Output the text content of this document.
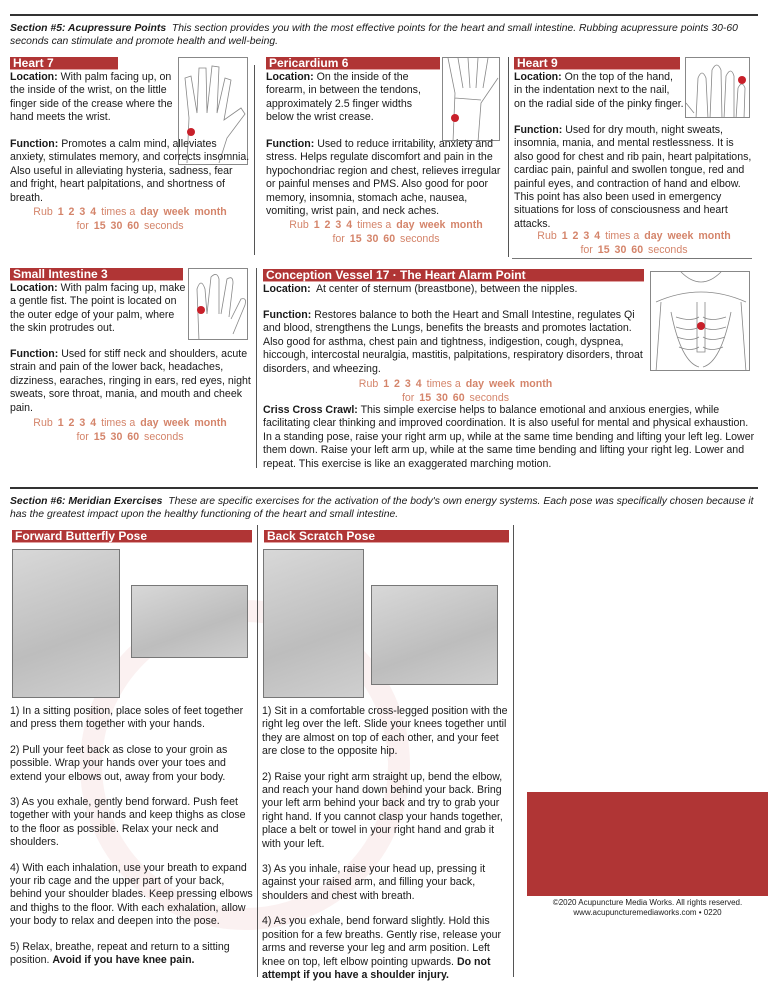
Section #5: Acupressure Points This section provides you with the most effective points for the heart and small intestine. Rubbing acupressure points 30-60 seconds can stimulate and promote health and well-being.
Heart 7
Location: With palm facing up, on the inside of the wrist, on the little finger side of the crease where the hand meets the wrist.
Function: Promotes a calm mind, alleviates anxiety, stimulates memory, and corrects insomnia. Also useful in alleviating hysteria, sadness, fear and fright, heart palpitations, and shortness of breath.
Rub 1 2 3 4 times a day week month
for 15 30 60 seconds
Pericardium 6
Location: On the inside of the forearm, in between the tendons, approximately 2.5 finger widths below the wrist crease.
Function: Used to reduce irritability, anxiety and stress. Helps regulate discomfort and pain in the hypochondriac region and chest, relieves irregular or painful menses and PMS. Also good for poor memory, insomnia, stomach ache, nausea, vomiting, wrist pain, and neck aches.
Rub 1 2 3 4 times a day week month
for 15 30 60 seconds
Heart 9
Location: On the top of the hand, in the indentation next to the nail, on the radial side of the pinky finger.
Function: Used for dry mouth, night sweats, insomnia, mania, and mental restlessness. It is also good for chest and rib pain, heart palpitations, cardiac pain, painful and swollen tongue, red and painful eyes, and contraction of hand and elbow. This point has also been used in emergency situations for loss of consciousness and heart attacks.
Rub 1 2 3 4 times a day week month
for 15 30 60 seconds
Small Intestine 3
Location: With palm facing up, make a gentle fist. The point is located on the outer edge of your palm, where the skin protrudes out.
Function: Used for stiff neck and shoulders, acute strain and pain of the lower back, headaches, dizziness, earaches, ringing in ears, red eyes, night sweats, sore throat, mania, and mouth and cheek pain.
Rub 1 2 3 4 times a day week month
for 15 30 60 seconds
Conception Vessel 17 · The Heart Alarm Point
Location: At center of sternum (breastbone), between the nipples.
Function: Restores balance to both the Heart and Small Intestine, regulates Qi and blood, strengthens the Lungs, benefits the breasts and promotes lactation. Also good for asthma, chest pain and tightness, indigestion, cough, dyspnea, hiccough, intercostal neuralgia, mastitis, palpitations, respiratory disorders, throat disorders, and wheezing.
Rub 1 2 3 4 times a day week month
for 15 30 60 seconds
Criss Cross Crawl: This simple exercise helps to balance emotional and anxious energies, while facilitating clear thinking and improved coordination. It is also useful for mental and physical exhaustion. In a standing pose, raise your right arm up, while at the same time bending and lifting your left leg. Lower them down. Raise your left arm up, while at the same time bending and lifting your right leg. Lower and repeat. This exercise is like an exaggerated marching motion.
Section #6: Meridian Exercises These are specific exercises for the activation of the body's own energy systems. Each pose was specifically chosen because it has the greatest impact upon the healthy functioning of the heart and small intestine.
Forward Butterfly Pose

1) In a sitting position, place soles of feet together and press them together with your hands.

2) Pull your feet back as close to your groin as possible. Wrap your hands over your toes and extend your elbows out, away from your body.

3) As you exhale, gently bend forward. Push feet together with your hands and keep thighs as close to the floor as possible. Relax your neck and shoulders.

4) With each inhalation, use your breath to expand your rib cage and the upper part of your back, behind your shoulder blades. Keep pressing elbows and thighs to the floor. With each exhalation, allow your body to relax and deepen into the pose.

5) Relax, breathe, repeat and return to a sitting position. Avoid if you have knee pain.

Back Scratch Pose

1) Sit in a comfortable cross-legged position with the right leg over the left. Slide your knees together until they are almost on top of each other, and your feet are close to the opposite hip.

2) Raise your right arm straight up, bend the elbow, and reach your hand down behind your back. Bring your left arm behind your back and try to grab your right hand. If you cannot clasp your hands together, place a belt or towel in your right hand and grab it with your left.

3) As you inhale, raise your head up, pressing it against your raised arm, and filling your back, shoulders and chest with breath.

4) As you exhale, bend forward slightly. Hold this position for a few breaths. Gently rise, release your arms and reverse your leg and arm position. Left knee on top, left elbow pointing upwards. Do not attempt if you have a shoulder injury.

©2020 Acupuncture Media Works. All rights reserved.
www.acupuncturemediaworks.com • 0220
